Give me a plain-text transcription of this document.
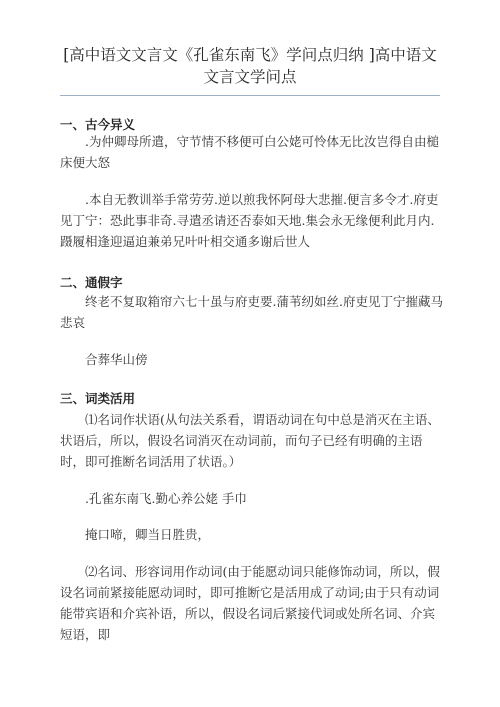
[高中语文文言文《孔雀东南飞》学问点归纳 ]高中语文
文言文学问点
一、古今异义

.为仲卿母所遣，守节情不移便可白公姥可怜体无比汝岂得自由槌床便大怒

.本自无教训举手常劳劳.逆以煎我怀阿母大悲摧.便言多令才.府吏见丁宁：恐此事非奇.寻遣丞请还否泰如天地.集会永无缘便利此月内.蹑履相逢迎逼迫兼弟兄叶叶相交通多谢后世人

二、通假字

终老不复取箱帘六七十虽与府吏要.蒲苇纫如丝.府吏见丁宁摧藏马悲哀

合葬华山傍

三、词类活用

⑴名词作状语(从句法关系看，谓语动词在句中总是消灭在主语、状语后，所以，假设名词消灭在动词前，而句子已经有明确的主语时，即可推断名词活用了状语。）

.孔雀东南飞.勤心养公姥 手巾

掩口啼，卿当日胜贵，

⑵名词、形容词用作动词(由于能愿动词只能修饰动词，所以，假设名词前紧接能愿动词时，即可推断它是活用成了动词;由于只有动词能带宾语和介宾补语，所以，假设名词后紧接代词或处所名词、介宾短语，即
